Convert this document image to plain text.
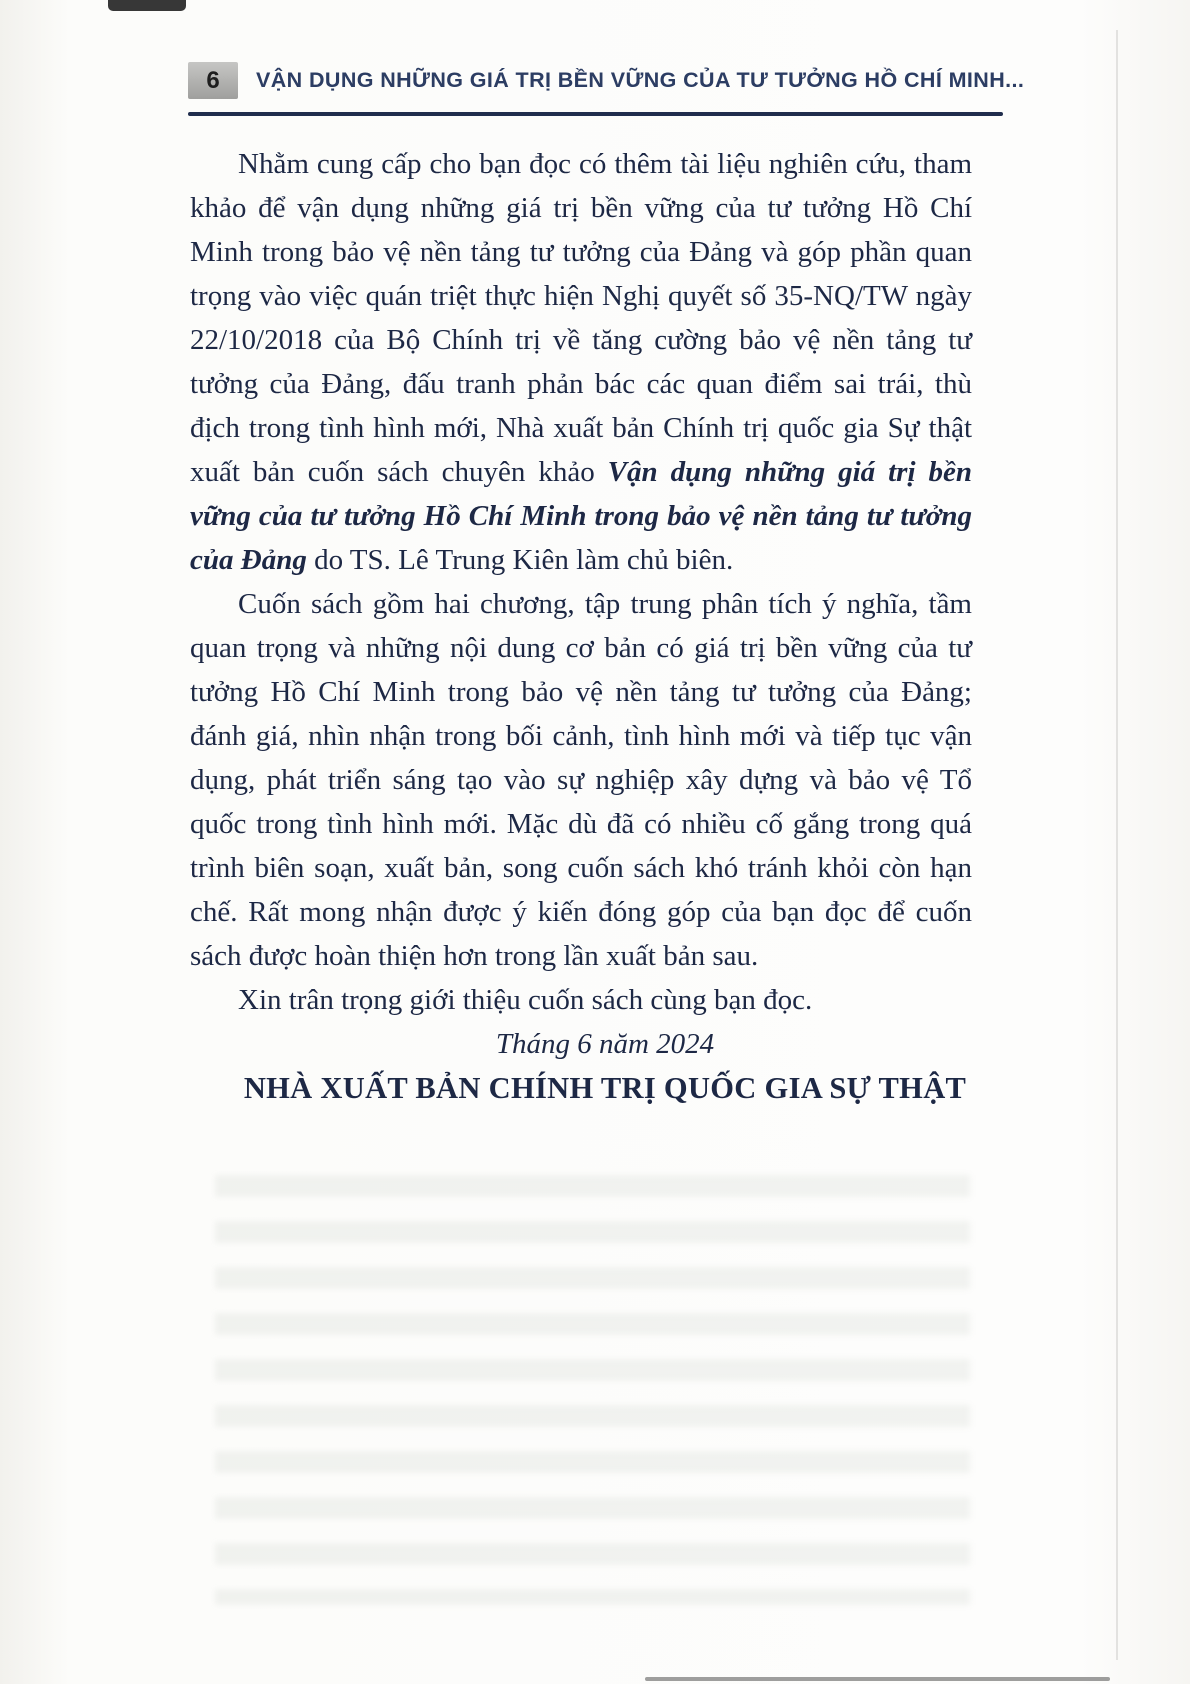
6 VẬN DỤNG NHỮNG GIÁ TRỊ BỀN VỮNG CỦA TƯ TƯỞNG HỒ CHÍ MINH...

Nhằm cung cấp cho bạn đọc có thêm tài liệu nghiên cứu, tham khảo để vận dụng những giá trị bền vững của tư tưởng Hồ Chí Minh trong bảo vệ nền tảng tư tưởng của Đảng và góp phần quan trọng vào việc quán triệt thực hiện Nghị quyết số 35-NQ/TW ngày 22/10/2018 của Bộ Chính trị về tăng cường bảo vệ nền tảng tư tưởng của Đảng, đấu tranh phản bác các quan điểm sai trái, thù địch trong tình hình mới, Nhà xuất bản Chính trị quốc gia Sự thật xuất bản cuốn sách chuyên khảo Vận dụng những giá trị bền vững của tư tưởng Hồ Chí Minh trong bảo vệ nền tảng tư tưởng của Đảng do TS. Lê Trung Kiên làm chủ biên.

Cuốn sách gồm hai chương, tập trung phân tích ý nghĩa, tầm quan trọng và những nội dung cơ bản có giá trị bền vững của tư tưởng Hồ Chí Minh trong bảo vệ nền tảng tư tưởng của Đảng; đánh giá, nhìn nhận trong bối cảnh, tình hình mới và tiếp tục vận dụng, phát triển sáng tạo vào sự nghiệp xây dựng và bảo vệ Tổ quốc trong tình hình mới. Mặc dù đã có nhiều cố gắng trong quá trình biên soạn, xuất bản, song cuốn sách khó tránh khỏi còn hạn chế. Rất mong nhận được ý kiến đóng góp của bạn đọc để cuốn sách được hoàn thiện hơn trong lần xuất bản sau.

Xin trân trọng giới thiệu cuốn sách cùng bạn đọc.

Tháng 6 năm 2024

NHÀ XUẤT BẢN CHÍNH TRỊ QUỐC GIA SỰ THẬT
